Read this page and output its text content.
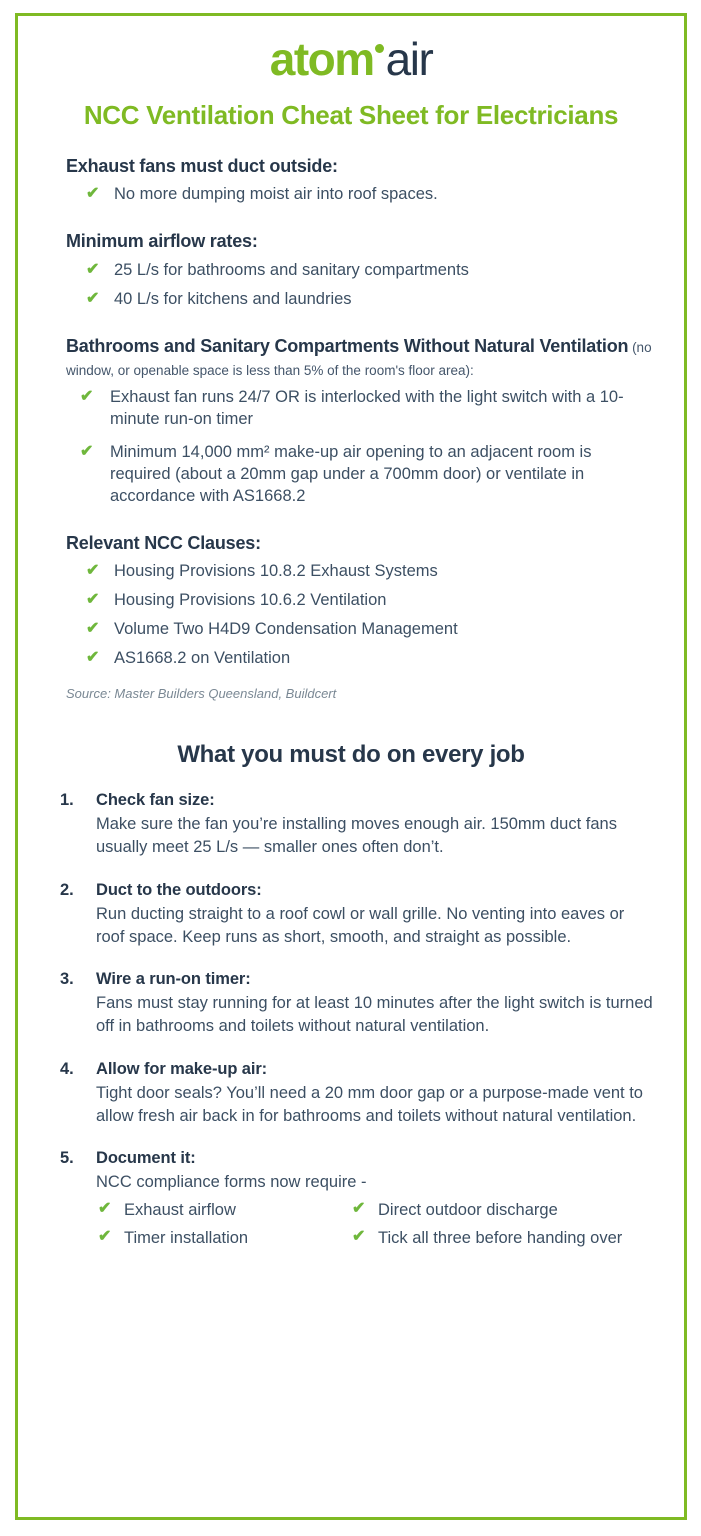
atom air
NCC Ventilation Cheat Sheet for Electricians
Exhaust fans must duct outside:
✔ No more dumping moist air into roof spaces.
Minimum airflow rates:
✔ 25 L/s for bathrooms and sanitary compartments
✔ 40 L/s for kitchens and laundries
Bathrooms and Sanitary Compartments Without Natural Ventilation (no window, or openable space is less than 5% of the room's floor area):
✔ Exhaust fan runs 24/7 OR is interlocked with the light switch with a 10-minute run-on timer
✔ Minimum 14,000 mm² make-up air opening to an adjacent room is required (about a 20mm gap under a 700mm door) or ventilate in accordance with AS1668.2
Relevant NCC Clauses:
✔ Housing Provisions 10.8.2 Exhaust Systems
✔ Housing Provisions 10.6.2 Ventilation
✔ Volume Two H4D9 Condensation Management
✔ AS1668.2 on Ventilation
Source: Master Builders Queensland, Buildcert
What you must do on every job
1. Check fan size:
Make sure the fan you’re installing moves enough air. 150mm duct fans usually meet 25 L/s — smaller ones often don’t.
2. Duct to the outdoors:
Run ducting straight to a roof cowl or wall grille. No venting into eaves or roof space. Keep runs as short, smooth, and straight as possible.
3. Wire a run-on timer:
Fans must stay running for at least 10 minutes after the light switch is turned off in bathrooms and toilets without natural ventilation.
4. Allow for make-up air:
Tight door seals? You’ll need a 20 mm door gap or a purpose-made vent to allow fresh air back in for bathrooms and toilets without natural ventilation.
5. Document it:
NCC compliance forms now require -
✔ Exhaust airflow	✔ Direct outdoor discharge
✔ Timer installation	✔ Tick all three before handing over
